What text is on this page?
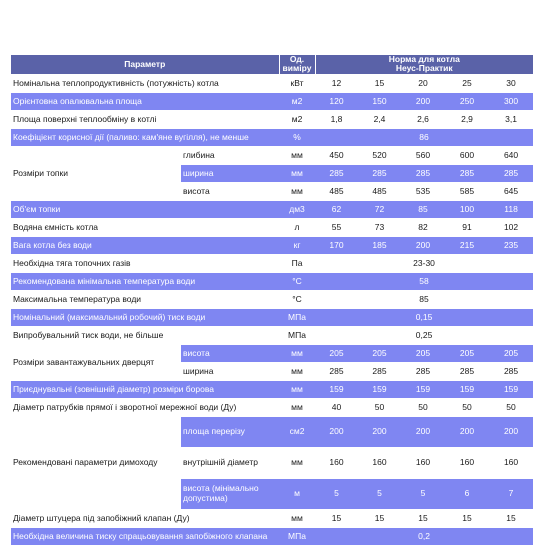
Параметр		Од. виміру	Норма для котла
Неус-Практик				
Номінальна теплопродуктивність (потужність) котла		кВт	12	15	20	25	30
Орієнтовна опалювальна площа		м2	120	150	200	250	300
Площа поверхні теплообміну в котлі		м2	1,8	2,4	2,6	2,9	3,1
Коефіцієнт корисної дії (паливо: кам'яне вугілля), не менше		%	86				
Розміри топки	глибина	мм	450	520	560	600	640
	ширина	мм	285	285	285	285	285
	висота	мм	485	485	535	585	645
Об'єм топки		дм3	62	72	85	100	118
Водяна ємність котла		л	55	73	82	91	102
Вага котла без води		кг	170	185	200	215	235
Необхідна тяга топочних газів		Па	23-30				
Рекомендована мінімальна температура води		°С	58				
Максимальна температура води		°С	85				
Номінальний (максимальний робочий) тиск води		МПа	0,15				
Випробувальний тиск води, не більше		МПа	0,25				
Розміри завантажувальних дверцят	висота	мм	205	205	205	205	205
	ширина	мм	285	285	285	285	285
Приєднувальні (зовнішній діаметр) розміри борова		мм	159	159	159	159	159
Діаметр патрубків прямої і зворотної мережної води (Ду)		мм	40	50	50	50	50
Рекомендовані параметри димоходу	площа перерізу	см2	200	200	200	200	200
	внутрішній діаметр	мм	160	160	160	160	160
	висота (мінімально допустима)	м	5	5	5	6	7
Діаметр штуцера під запобіжний клапан (Ду)		мм	15	15	15	15	15
Необхідна величина тиску спрацьовування запобіжного клапана		МПа	0,2				
